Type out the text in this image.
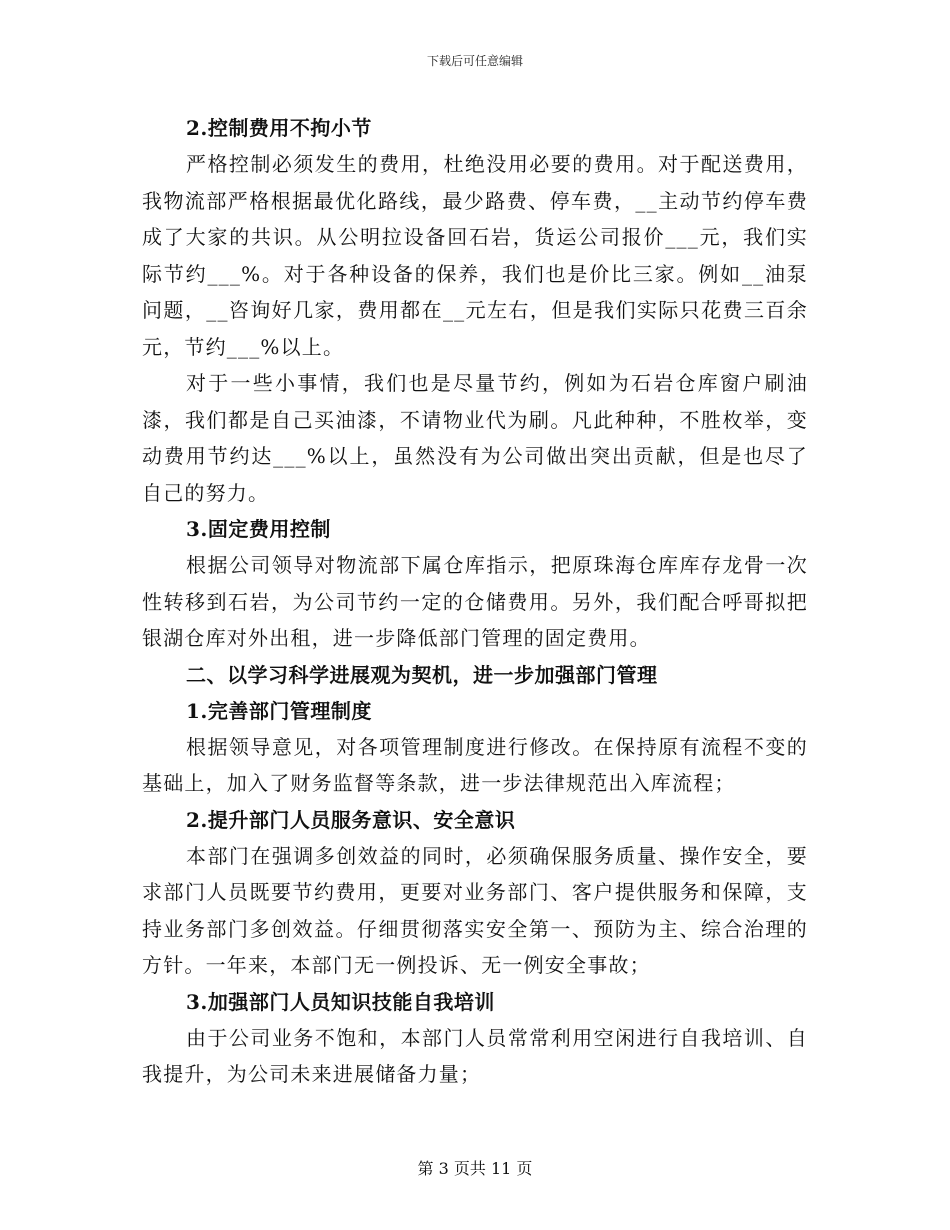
下载后可任意编辑
2.控制费用不拘小节
严格控制必须发生的费用，杜绝没用必要的费用。对于配送费用，我物流部严格根据最优化路线，最少路费、停车费，__主动节约停车费成了大家的共识。从公明拉设备回石岩，货运公司报价___元，我们实际节约___%。对于各种设备的保养，我们也是价比三家。例如__油泵问题，__咨询好几家，费用都在__元左右，但是我们实际只花费三百余元，节约___%以上。
对于一些小事情，我们也是尽量节约，例如为石岩仓库窗户刷油漆，我们都是自己买油漆，不请物业代为刷。凡此种种，不胜枚举，变动费用节约达___%以上，虽然没有为公司做出突出贡献，但是也尽了自己的努力。
3.固定费用控制
根据公司领导对物流部下属仓库指示，把原珠海仓库库存龙骨一次性转移到石岩，为公司节约一定的仓储费用。另外，我们配合呼哥拟把银湖仓库对外出租，进一步降低部门管理的固定费用。
二、以学习科学进展观为契机，进一步加强部门管理
1.完善部门管理制度
根据领导意见，对各项管理制度进行修改。在保持原有流程不变的基础上，加入了财务监督等条款，进一步法律规范出入库流程；
2.提升部门人员服务意识、安全意识
本部门在强调多创效益的同时，必须确保服务质量、操作安全，要求部门人员既要节约费用，更要对业务部门、客户提供服务和保障，支持业务部门多创效益。仔细贯彻落实安全第一、预防为主、综合治理的方针。一年来，本部门无一例投诉、无一例安全事故；
3.加强部门人员知识技能自我培训
由于公司业务不饱和，本部门人员常常利用空闲进行自我培训、自我提升，为公司未来进展储备力量；
第 3 页共 11 页
